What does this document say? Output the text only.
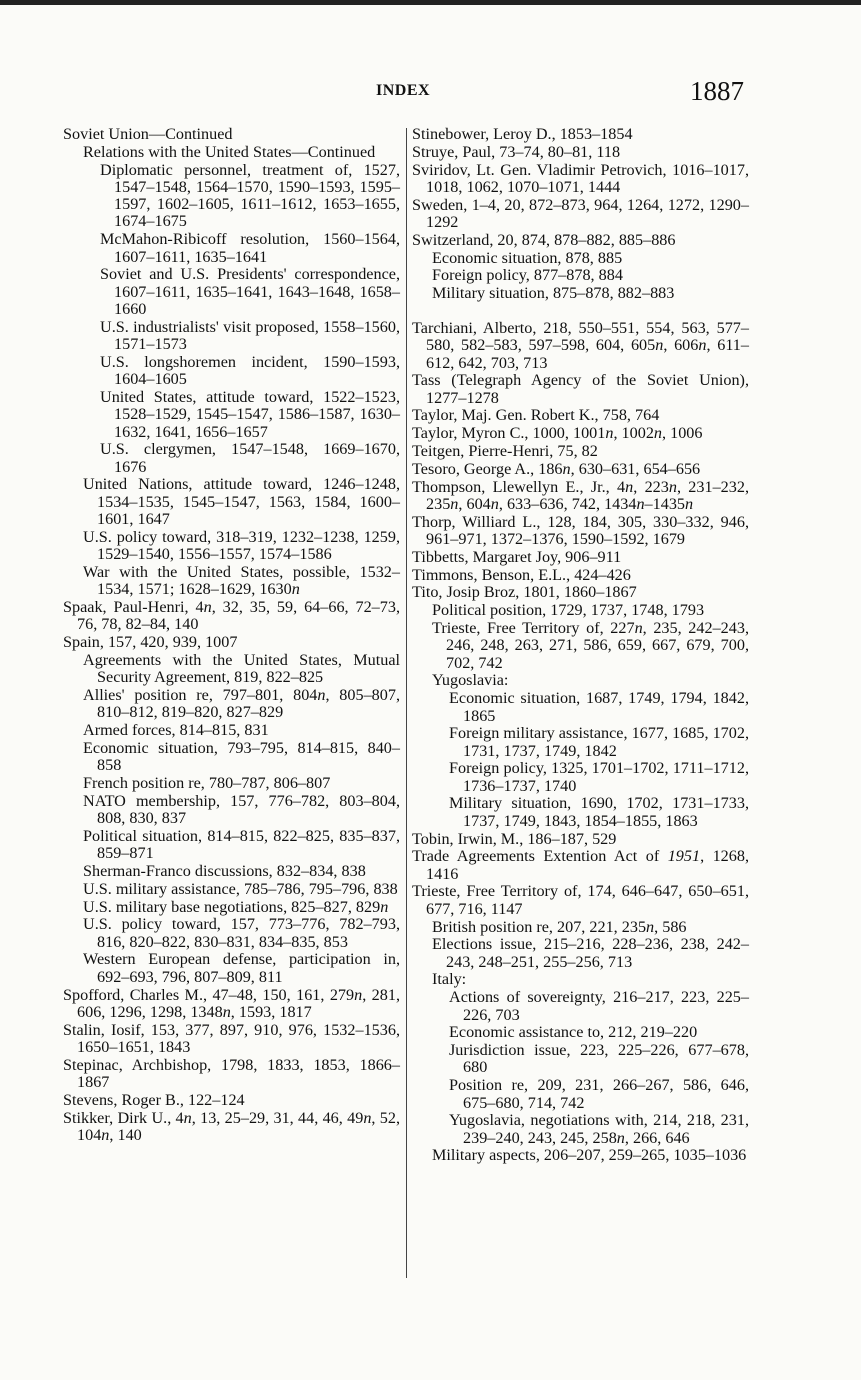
INDEX	1887
Soviet Union—Continued
Relations with the United States—Continued
Diplomatic personnel, treatment of, 1527, 1547–1548, 1564–1570, 1590–1593, 1595–1597, 1602–1605, 1611–1612, 1653–1655, 1674–1675
McMahon-Ribicoff resolution, 1560–1564, 1607–1611, 1635–1641
Soviet and U.S. Presidents' correspondence, 1607–1611, 1635–1641, 1643–1648, 1658–1660
U.S. industrialists' visit proposed, 1558–1560, 1571–1573
U.S. longshoremen incident, 1590–1593, 1604–1605
United States, attitude toward, 1522–1523, 1528–1529, 1545–1547, 1586–1587, 1630–1632, 1641, 1656–1657
U.S. clergymen, 1547–1548, 1669–1670, 1676
United Nations, attitude toward, 1246–1248, 1534–1535, 1545–1547, 1563, 1584, 1600–1601, 1647
U.S. policy toward, 318–319, 1232–1238, 1259, 1529–1540, 1556–1557, 1574–1586
War with the United States, possible, 1532–1534, 1571; 1628–1629, 1630n
Spaak, Paul-Henri, 4n, 32, 35, 59, 64–66, 72–73, 76, 78, 82–84, 140
Spain, 157, 420, 939, 1007
Agreements with the United States, Mutual Security Agreement, 819, 822–825
Allies' position re, 797–801, 804n, 805–807, 810–812, 819–820, 827–829
Armed forces, 814–815, 831
Economic situation, 793–795, 814–815, 840–858
French position re, 780–787, 806–807
NATO membership, 157, 776–782, 803–804, 808, 830, 837
Political situation, 814–815, 822–825, 835–837, 859–871
Sherman-Franco discussions, 832–834, 838
U.S. military assistance, 785–786, 795–796, 838
U.S. military base negotiations, 825–827, 829n
U.S. policy toward, 157, 773–776, 782–793, 816, 820–822, 830–831, 834–835, 853
Western European defense, participation in, 692–693, 796, 807–809, 811
Spofford, Charles M., 47–48, 150, 161, 279n, 281, 606, 1296, 1298, 1348n, 1593, 1817
Stalin, Iosif, 153, 377, 897, 910, 976, 1532–1536, 1650–1651, 1843
Stepinac, Archbishop, 1798, 1833, 1853, 1866–1867
Stevens, Roger B., 122–124
Stikker, Dirk U., 4n, 13, 25–29, 31, 44, 46, 49n, 52, 104n, 140
Stinebower, Leroy D., 1853–1854
Struye, Paul, 73–74, 80–81, 118
Sviridov, Lt. Gen. Vladimir Petrovich, 1016–1017, 1018, 1062, 1070–1071, 1444
Sweden, 1–4, 20, 872–873, 964, 1264, 1272, 1290–1292
Switzerland, 20, 874, 878–882, 885–886
Economic situation, 878, 885
Foreign policy, 877–878, 884
Military situation, 875–878, 882–883
Tarchiani, Alberto, 218, 550–551, 554, 563, 577–580, 582–583, 597–598, 604, 605n, 606n, 611–612, 642, 703, 713
Tass (Telegraph Agency of the Soviet Union), 1277–1278
Taylor, Maj. Gen. Robert K., 758, 764
Taylor, Myron C., 1000, 1001n, 1002n, 1006
Teitgen, Pierre-Henri, 75, 82
Tesoro, George A., 186n, 630–631, 654–656
Thompson, Llewellyn E., Jr., 4n, 223n, 231–232, 235n, 604n, 633–636, 742, 1434n–1435n
Thorp, Williard L., 128, 184, 305, 330–332, 946, 961–971, 1372–1376, 1590–1592, 1679
Tibbetts, Margaret Joy, 906–911
Timmons, Benson, E.L., 424–426
Tito, Josip Broz, 1801, 1860–1867
Political position, 1729, 1737, 1748, 1793
Trieste, Free Territory of, 227n, 235, 242–243, 246, 248, 263, 271, 586, 659, 667, 679, 700, 702, 742
Yugoslavia:
Economic situation, 1687, 1749, 1794, 1842, 1865
Foreign military assistance, 1677, 1685, 1702, 1731, 1737, 1749, 1842
Foreign policy, 1325, 1701–1702, 1711–1712, 1736–1737, 1740
Military situation, 1690, 1702, 1731–1733, 1737, 1749, 1843, 1854–1855, 1863
Tobin, Irwin, M., 186–187, 529
Trade Agreements Extention Act of 1951, 1268, 1416
Trieste, Free Territory of, 174, 646–647, 650–651, 677, 716, 1147
British position re, 207, 221, 235n, 586
Elections issue, 215–216, 228–236, 238, 242–243, 248–251, 255–256, 713
Italy:
Actions of sovereignty, 216–217, 223, 225–226, 703
Economic assistance to, 212, 219–220
Jurisdiction issue, 223, 225–226, 677–678, 680
Position re, 209, 231, 266–267, 586, 646, 675–680, 714, 742
Yugoslavia, negotiations with, 214, 218, 231, 239–240, 243, 245, 258n, 266, 646
Military aspects, 206–207, 259–265, 1035–1036
